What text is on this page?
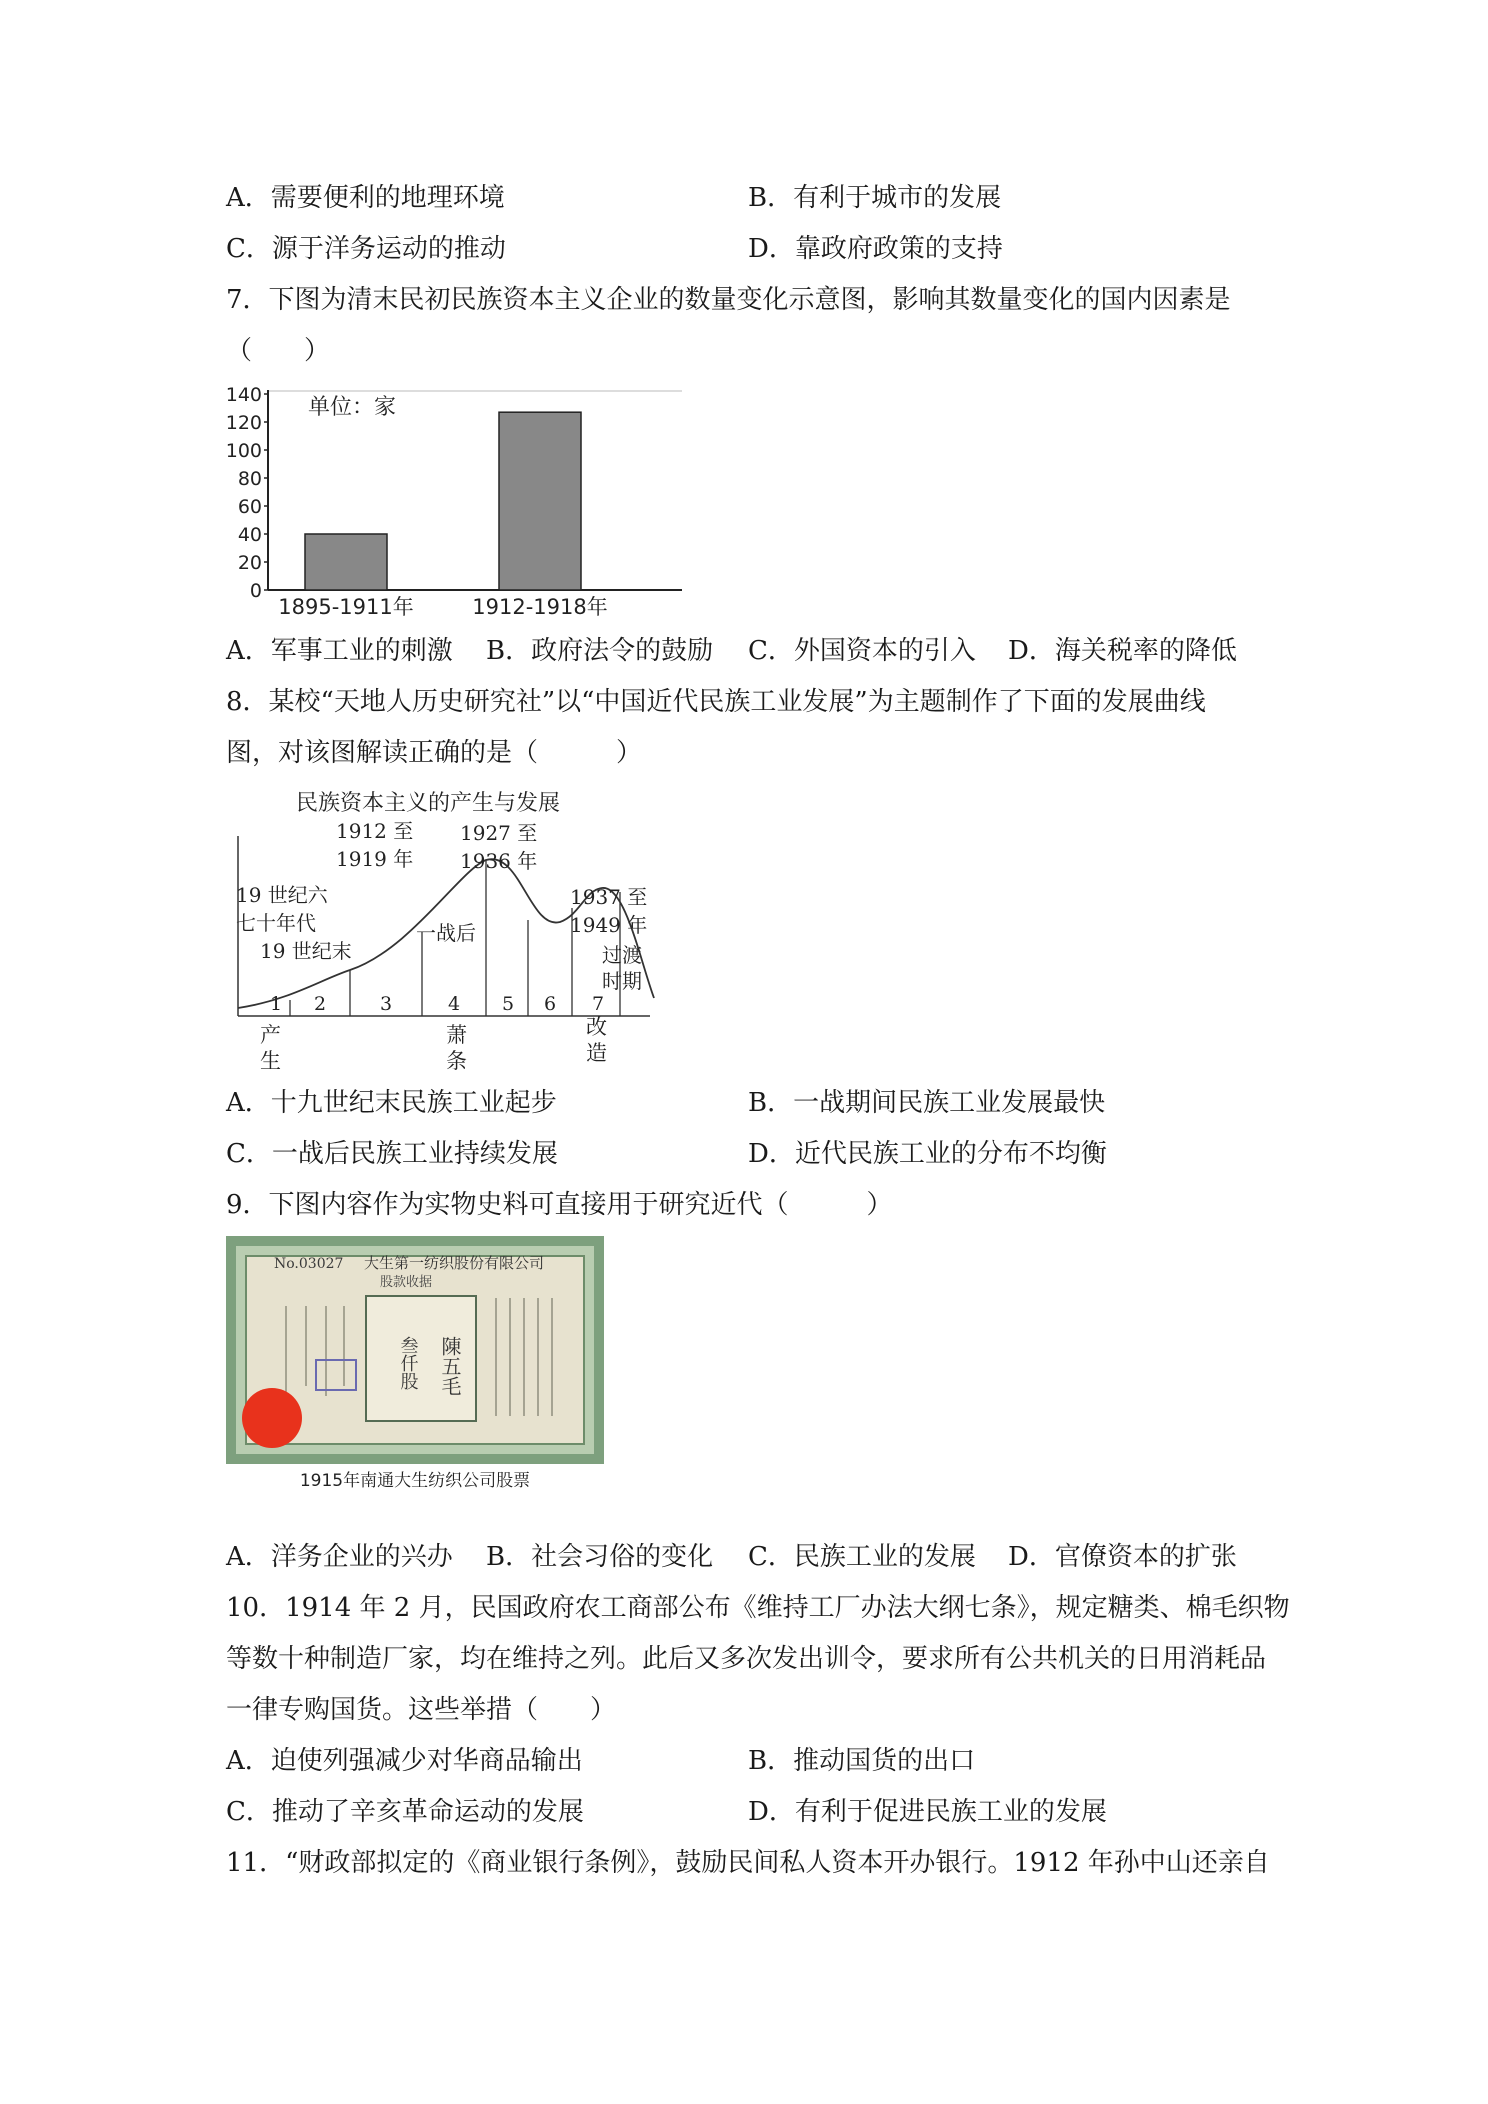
A．需要便利的地理环境	B．有利于城市的发展
C．源于洋务运动的推动	D．靠政府政策的支持
7．下图为清末民初民族资本主义企业的数量变化示意图，影响其数量变化的国内因素是
（　　）
0
20
40
60
80
100
120
140
1895-1911年	1912-1918年
单位：家
A．军事工业的刺激 B．政府法令的鼓励 C．外国资本的引入 D．海关税率的降低
8．某校“天地人历史研究社”以“中国近代民族工业发展”为主题制作了下面的发展曲线
图，对该图解读正确的是（　　　）
民族资本主义的产生与发展
1 2	3	4 5 6 7
1912 至
1919 年
1927 至
1936 年
1937 至
1949 年
19 世纪六
七十年代
19 世纪末
一战后
过渡
时期
产
生
萧
条
改
造
A．十九世纪末民族工业起步	B．一战期间民族工业发展最快
C．一战后民族工业持续发展	D．近代民族工业的分布不均衡
9．下图内容作为实物史料可直接用于研究近代（　　　）
No.03027 大生第一纺织股份有限公司
股款收据
陳五毛
叁仟股
1915年南通大生纺织公司股票
A．洋务企业的兴办 B．社会习俗的变化 C．民族工业的发展 D．官僚资本的扩张
10．1914 年 2 月，民国政府农工商部公布《维持工厂办法大纲七条》，规定糖类、棉毛织物
等数十种制造厂家，均在维持之列。此后又多次发出训令，要求所有公共机关的日用消耗品
一律专购国货。这些举措（　　）
A．迫使列强减少对华商品输出	B．推动国货的出口
C．推动了辛亥革命运动的发展	D．有利于促进民族工业的发展
11．“财政部拟定的《商业银行条例》，鼓励民间私人资本开办银行。1912 年孙中山还亲自
